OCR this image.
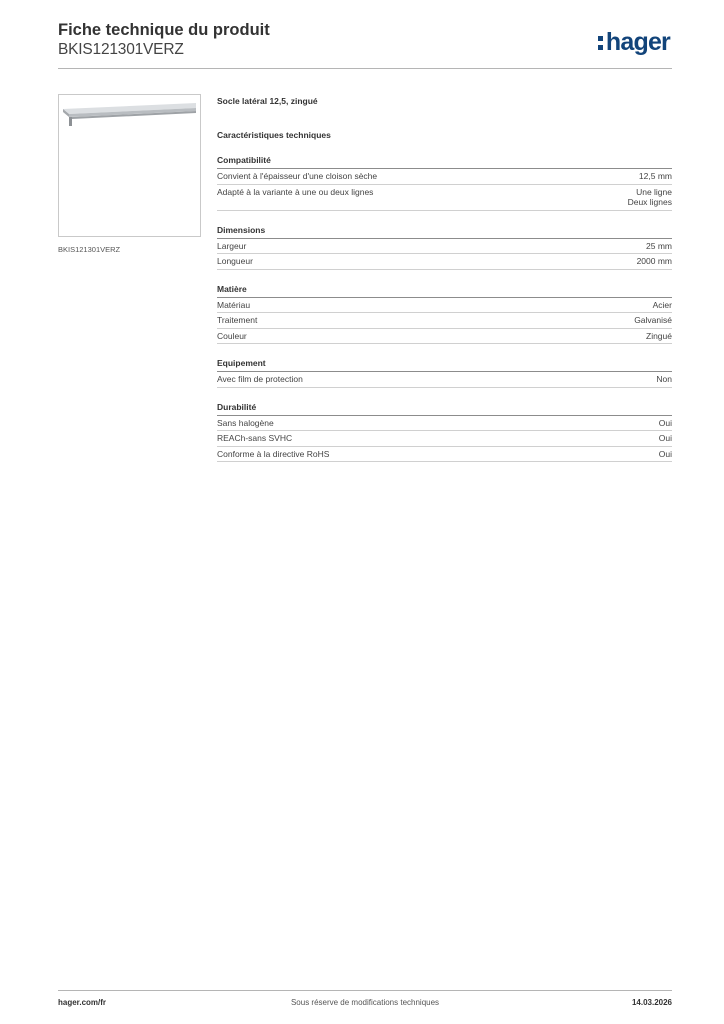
Fiche technique du produit
BKIS121301VERZ	hager
BKIS121301VERZ
Socle latéral 12,5, zingué
Caractéristiques techniques
Compatibilité
Convient à l'épaisseur d'une cloison sèche	12,5 mm
Adapté à la variante à une ou deux lignes	Une ligne
Deux lignes
Dimensions
Largeur	25 mm
Longueur	2000 mm
Matière
Matériau	Acier
Traitement	Galvanisé
Couleur	Zingué
Equipement
Avec film de protection	Non
Durabilité
Sans halogène	Oui
REACh-sans SVHC	Oui
Conforme à la directive RoHS	Oui
hager.com/fr	Sous réserve de modifications techniques	14.03.2026
